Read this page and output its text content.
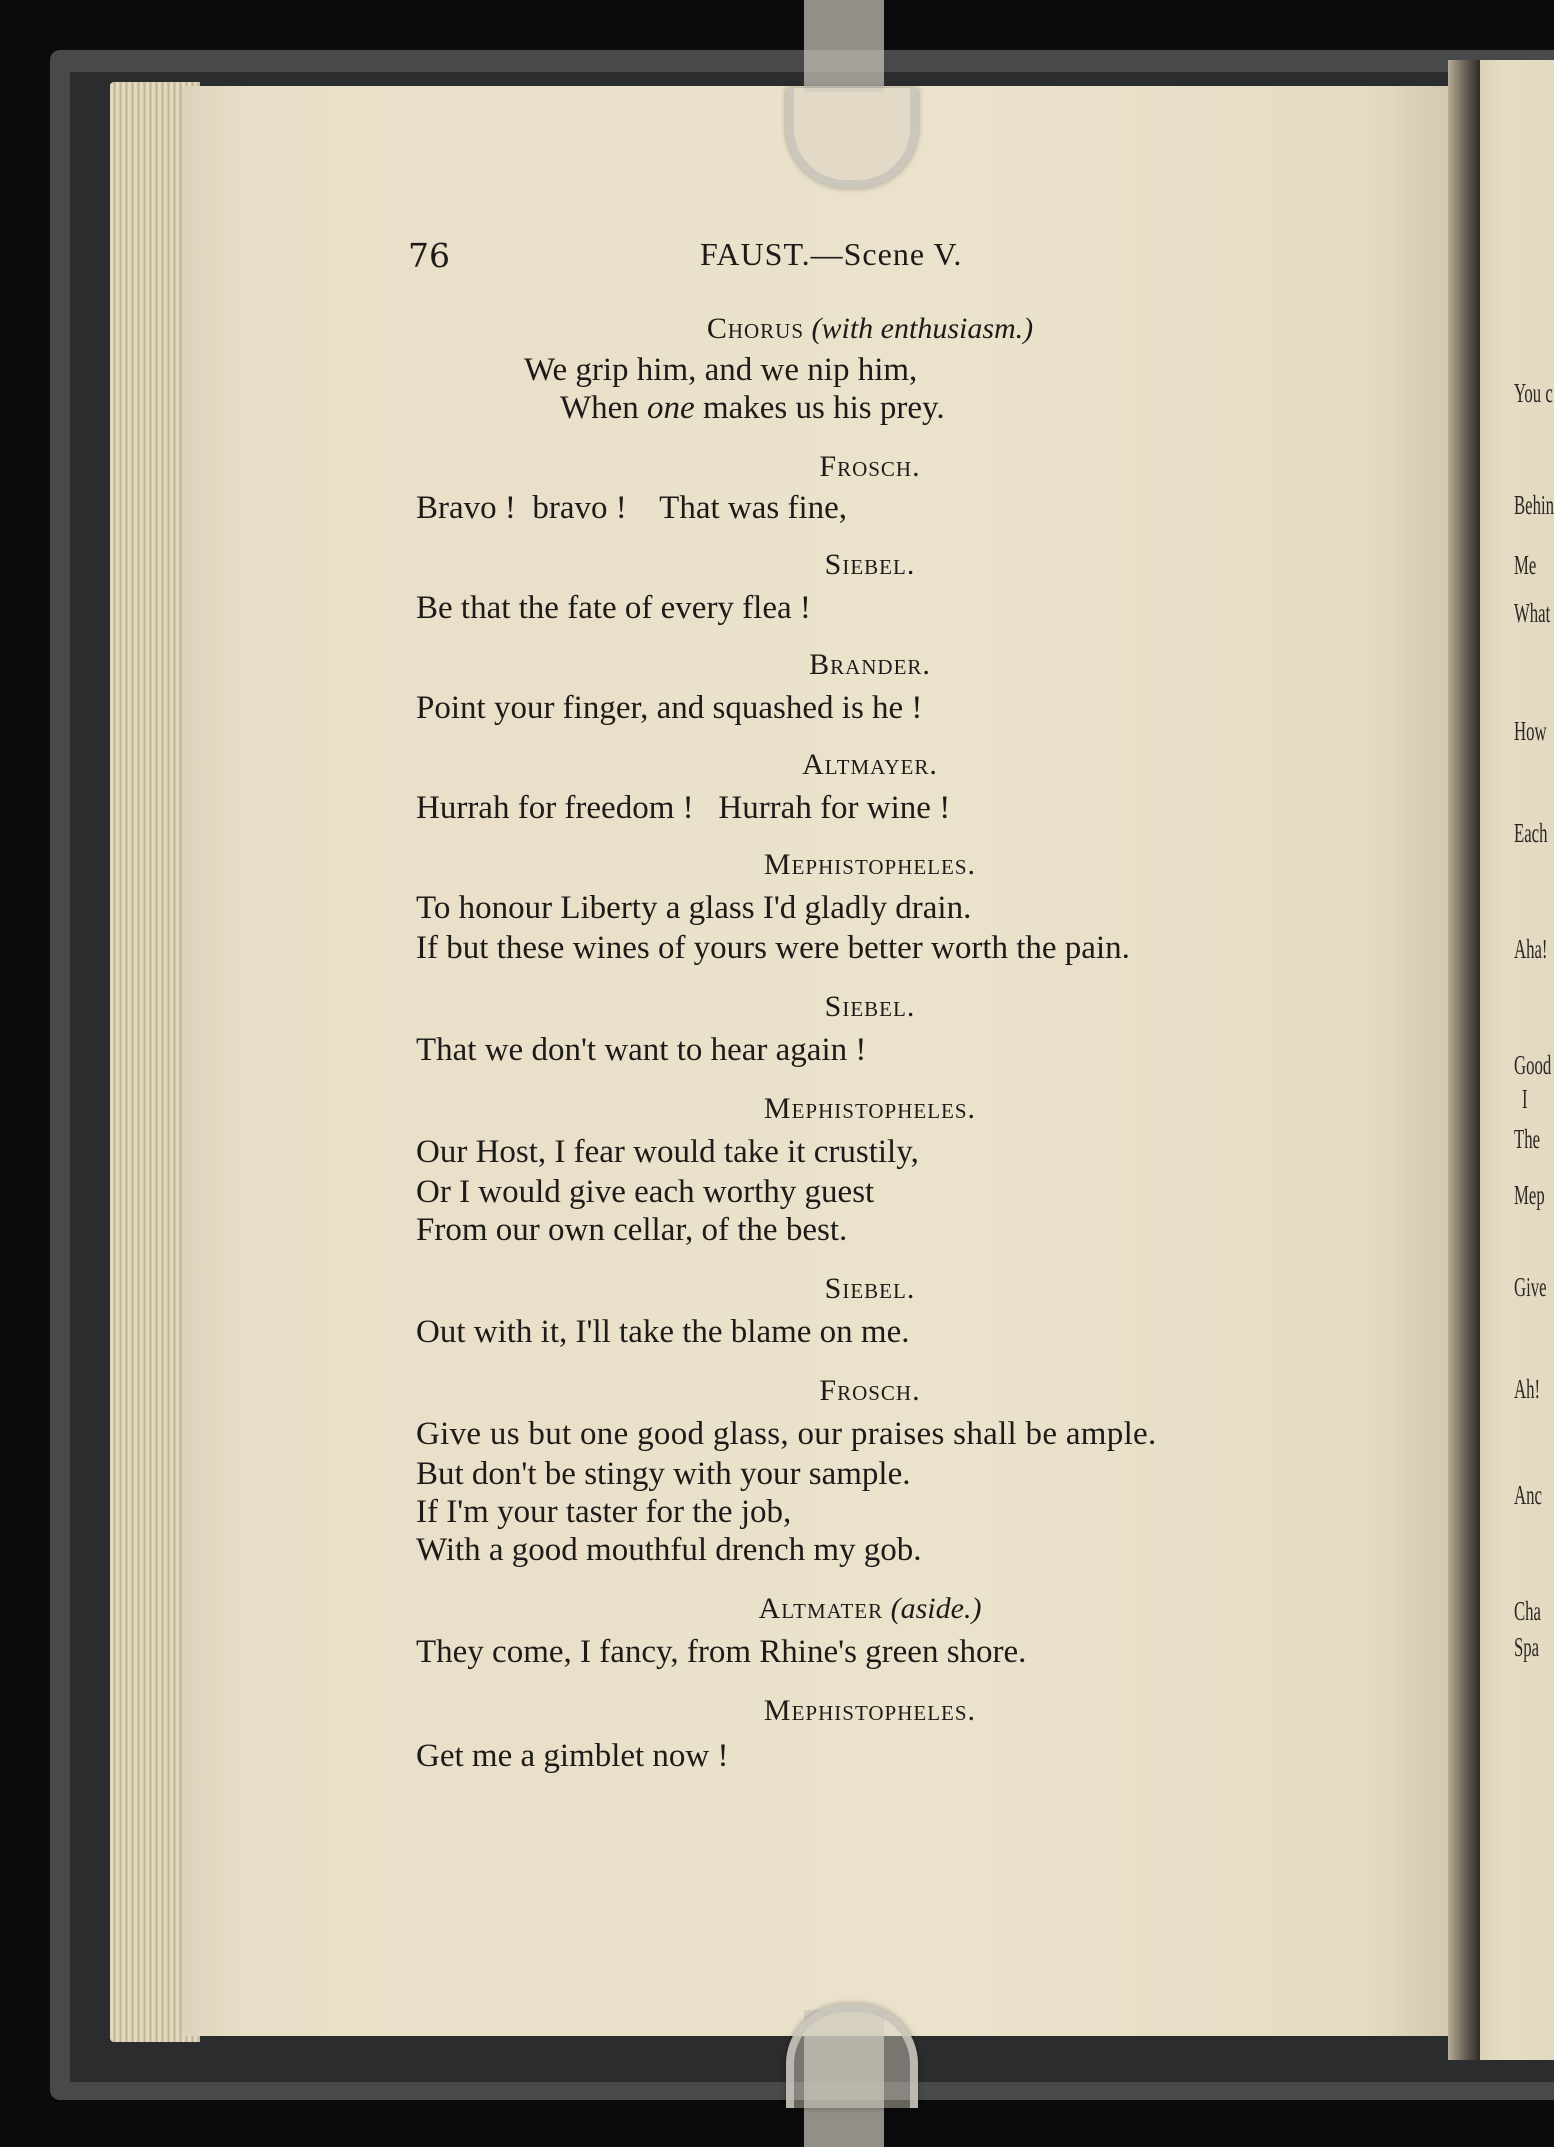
You c
Behin
Me
What
How
Each
Aha!
Good
I
The
Mep
Give
Ah!
Anc
Cha
Spa
76	FAUST.—Scene V.
Chorus (with enthusiasm.)
We grip him, and we nip him,
When one makes us his prey.
Frosch.
Bravo !  bravo !    That was fine,
Siebel.
Be that the fate of every flea !
Brander.
Point your finger, and squashed is he !
Altmayer.
Hurrah for freedom !   Hurrah for wine !
Mephistopheles.
To honour Liberty a glass I'd gladly drain.
If but these wines of yours were better worth the pain.
Siebel.
That we don't want to hear again !
Mephistopheles.
Our Host, I fear would take it crustily,
Or I would give each worthy guest
From our own cellar, of the best.
Siebel.
Out with it, I'll take the blame on me.
Frosch.
Give us but one good glass, our praises shall be ample.
But don't be stingy with your sample.
If I'm your taster for the job,
With a good mouthful drench my gob.
Altmater (aside.)
They come, I fancy, from Rhine's green shore.
Mephistopheles.
Get me a gimblet now !
